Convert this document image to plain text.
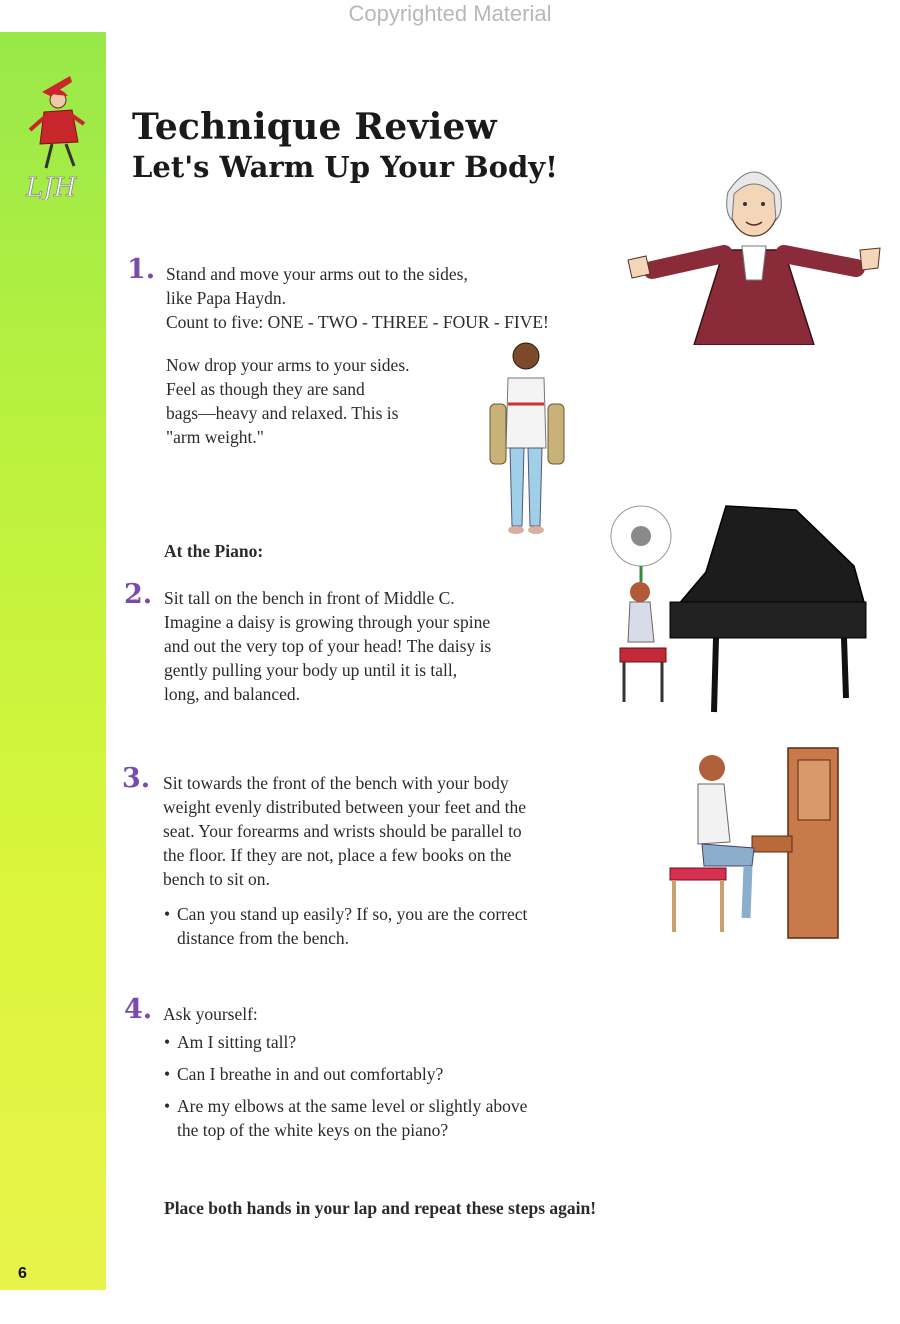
Copyrighted Material
LJH
6
Technique Review
Let's Warm Up Your Body!
1. Stand and move your arms out to the sides,
like Papa Haydn.
Count to five: ONE - TWO - THREE - FOUR - FIVE!
Now drop your arms to your sides.
Feel as though they are sand
bags—heavy and relaxed. This is
"arm weight."
At the Piano:
2. Sit tall on the bench in front of Middle C.
Imagine a daisy is growing through your spine
and out the very top of your head! The daisy is
gently pulling your body up until it is tall,
long, and balanced.
3. Sit towards the front of the bench with your body
weight evenly distributed between your feet and the
seat. Your forearms and wrists should be parallel to
the floor. If they are not, place a few books on the
bench to sit on.
• Can you stand up easily? If so, you are the correct
distance from the bench.
4. Ask yourself:
• Am I sitting tall?
• Can I breathe in and out comfortably?
• Are my elbows at the same level or slightly above
the top of the white keys on the piano?
Place both hands in your lap and repeat these steps again!
